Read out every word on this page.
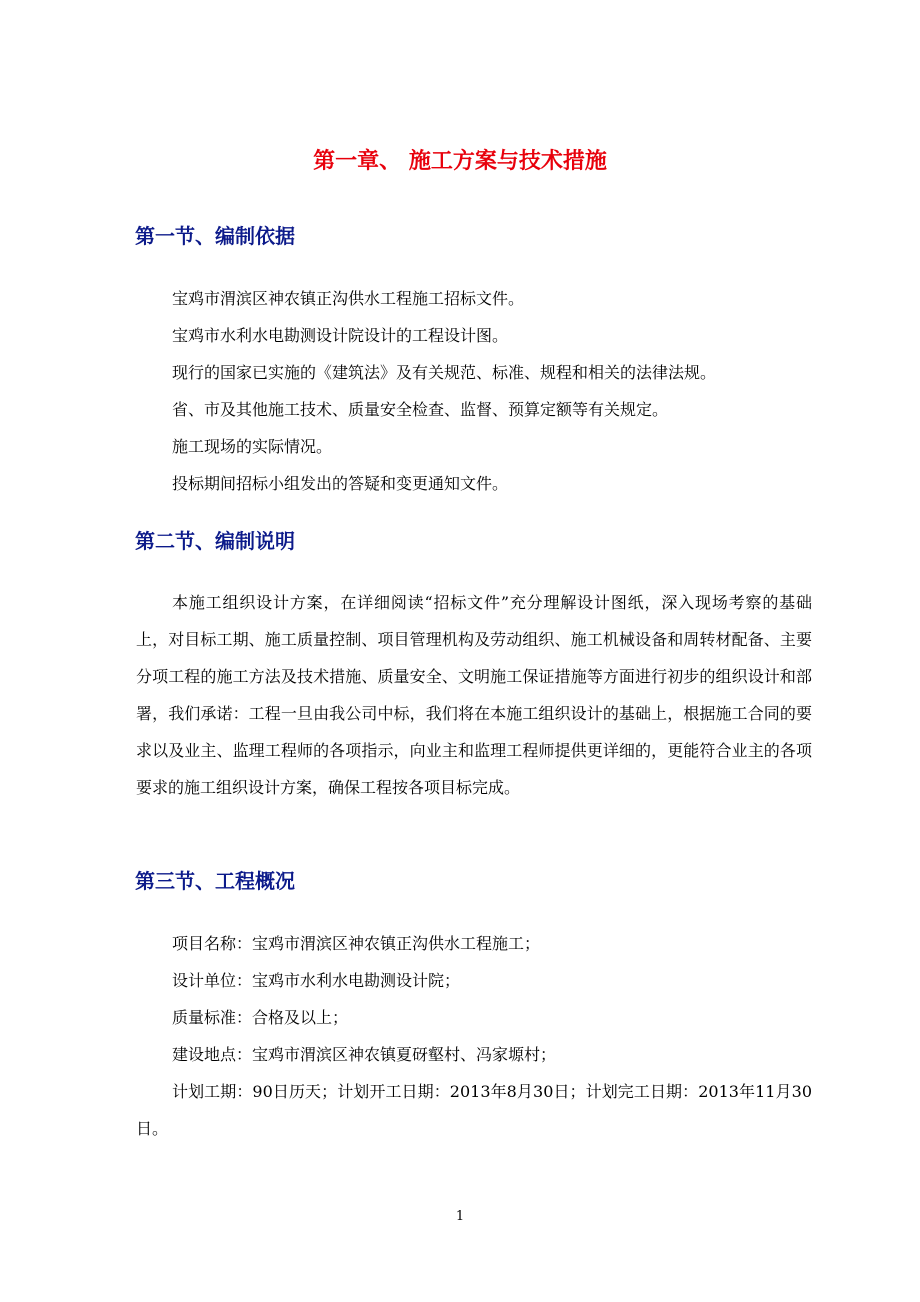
第一章、 施工方案与技术措施
第一节、编制依据
宝鸡市渭滨区神农镇正沟供水工程施工招标文件。
宝鸡市水利水电勘测设计院设计的工程设计图。
现行的国家已实施的《建筑法》及有关规范、标准、规程和相关的法律法规。
省、市及其他施工技术、质量安全检查、监督、预算定额等有关规定。
施工现场的实际情况。
投标期间招标小组发出的答疑和变更通知文件。
第二节、编制说明

本施工组织设计方案，在详细阅读“招标文件”充分理解设计图纸，深入现场考察的基础上，对目标工期、施工质量控制、项目管理机构及劳动组织、施工机械设备和周转材配备、主要分项工程的施工方法及技术措施、质量安全、文明施工保证措施等方面进行初步的组织设计和部署，我们承诺：工程一旦由我公司中标，我们将在本施工组织设计的基础上，根据施工合同的要求以及业主、监理工程师的各项指示，向业主和监理工程师提供更详细的，更能符合业主的各项要求的施工组织设计方案，确保工程按各项目标完成。

第三节、工程概况
项目名称：宝鸡市渭滨区神农镇正沟供水工程施工；
设计单位：宝鸡市水利水电勘测设计院；
质量标准：合格及以上；
建设地点：宝鸡市渭滨区神农镇夏砑壑村、冯家塬村；

计划工期：90日历天；计划开工日期：2013年8月30日；计划完工日期：2013年11月30日。

1
